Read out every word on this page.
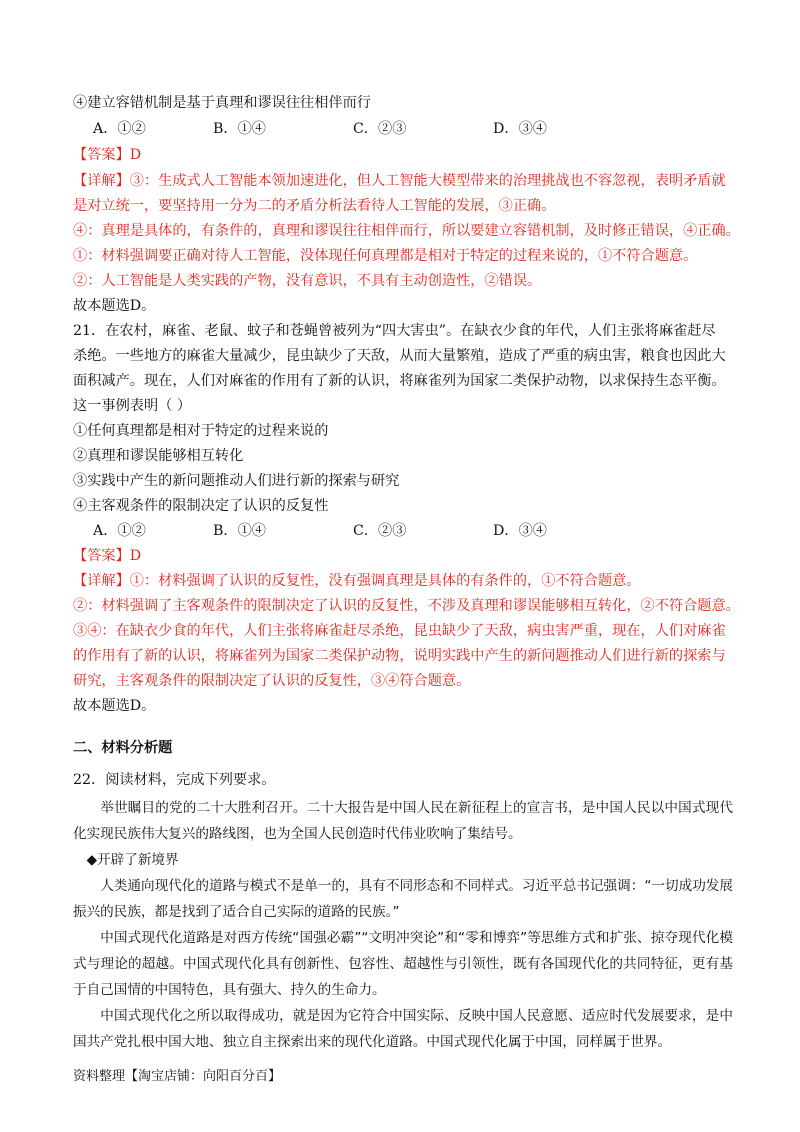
④建立容错机制是基于真理和谬误往往相伴而行
A．①②	B．①④	C．②③	D．③④
【答案】D
【详解】③：生成式人工智能本领加速进化，但人工智能大模型带来的治理挑战也不容忽视，表明矛盾就
是对立统一，要坚持用一分为二的矛盾分析法看待人工智能的发展，③正确。
④：真理是具体的，有条件的，真理和谬误往往相伴而行，所以要建立容错机制，及时修正错误，④正确。
①：材料强调要正确对待人工智能，没体现任何真理都是相对于特定的过程来说的，①不符合题意。
②：人工智能是人类实践的产物，没有意识，不具有主动创造性，②错误。
故本题选D。
21．在农村，麻雀、老鼠、蚊子和苍蝇曾被列为“四大害虫”。在缺衣少食的年代，人们主张将麻雀赶尽
杀绝。一些地方的麻雀大量减少，昆虫缺少了天敌，从而大量繁殖，造成了严重的病虫害，粮食也因此大
面积减产。现在，人们对麻雀的作用有了新的认识，将麻雀列为国家二类保护动物，以求保持生态平衡。
这一事例表明（ ）
①任何真理都是相对于特定的过程来说的
②真理和谬误能够相互转化
③实践中产生的新问题推动人们进行新的探索与研究
④主客观条件的限制决定了认识的反复性
A．①②	B．①④	C．②③	D．③④
【答案】D
【详解】①：材料强调了认识的反复性，没有强调真理是具体的有条件的，①不符合题意。
②：材料强调了主客观条件的限制决定了认识的反复性，不涉及真理和谬误能够相互转化，②不符合题意。
③④：在缺衣少食的年代，人们主张将麻雀赶尽杀绝，昆虫缺少了天敌，病虫害严重，现在，人们对麻雀
的作用有了新的认识，将麻雀列为国家二类保护动物，说明实践中产生的新问题推动人们进行新的探索与
研究，主客观条件的限制决定了认识的反复性，③④符合题意。
故本题选D。
二、材料分析题
22．阅读材料，完成下列要求。

举世瞩目的党的二十大胜利召开。二十大报告是中国人民在新征程上的宣言书，是中国人民以中国式现代化实现民族伟大复兴的路线图，也为全国人民创造时代伟业吹响了集结号。

◆开辟了新境界

人类通向现代化的道路与模式不是单一的，具有不同形态和不同样式。习近平总书记强调：“一切成功发展振兴的民族，都是找到了适合自己实际的道路的民族。”

中国式现代化道路是对西方传统“国强必霸”“文明冲突论”和“零和博弈”等思维方式和扩张、掠夺现代化模式与理论的超越。中国式现代化具有创新性、包容性、超越性与引领性，既有各国现代化的共同特征，更有基于自己国情的中国特色，具有强大、持久的生命力。

中国式现代化之所以取得成功，就是因为它符合中国实际、反映中国人民意愿、适应时代发展要求，是中国共产党扎根中国大地、独立自主探索出来的现代化道路。中国式现代化属于中国，同样属于世界。

资料整理【淘宝店铺：向阳百分百】
